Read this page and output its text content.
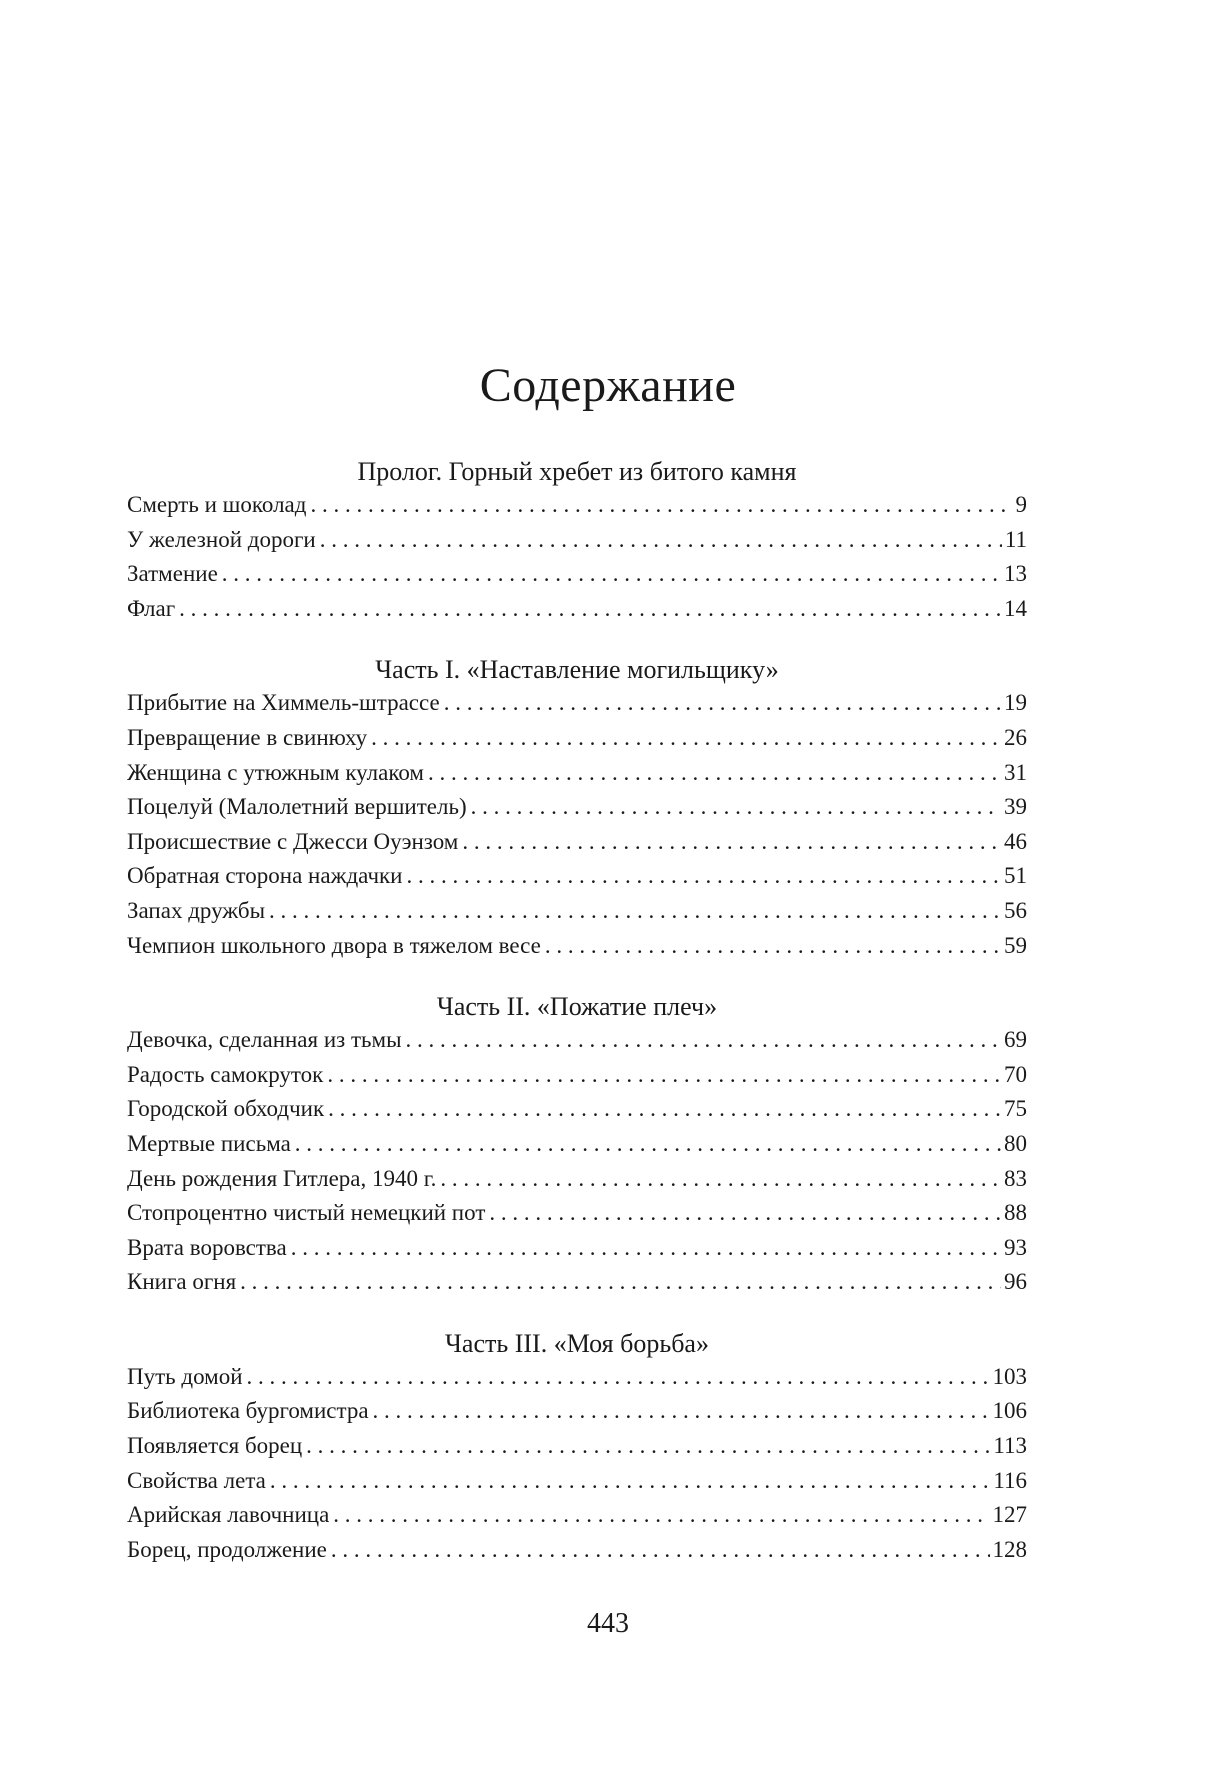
Содержание
Пролог. Горный хребет из битого камня
Смерть и шоколад . . .	9
У железной дороги . . .	11
Затмение . . .	13
Флаг . . .	14
Часть I. «Наставление могильщику»
Прибытие на Химмель-штрассе . . .	19
Превращение в свинюху . . .	26
Женщина с утюжным кулаком . . .	31
Поцелуй (Малолетний вершитель) . . .	39
Происшествие с Джесси Оуэнзом . . .	46
Обратная сторона наждачки . . .	51
Запах дружбы . . .	56
Чемпион школьного двора в тяжелом весе . . .	59
Часть II. «Пожатие плеч»
Девочка, сделанная из тьмы . . .	69
Радость самокруток . . .	70
Городской обходчик . . .	75
Мертвые письма . . .	80
День рождения Гитлера, 1940 г. . . .	83
Стопроцентно чистый немецкий пот . . .	88
Врата воровства . . .	93
Книга огня . . .	96
Часть III. «Моя борьба»
Путь домой . . .	103
Библиотека бургомистра . . .	106
Появляется борец . . .	113
Свойства лета . . .	116
Арийская лавочница . . .	127
Борец, продолжение . . .	128
443
